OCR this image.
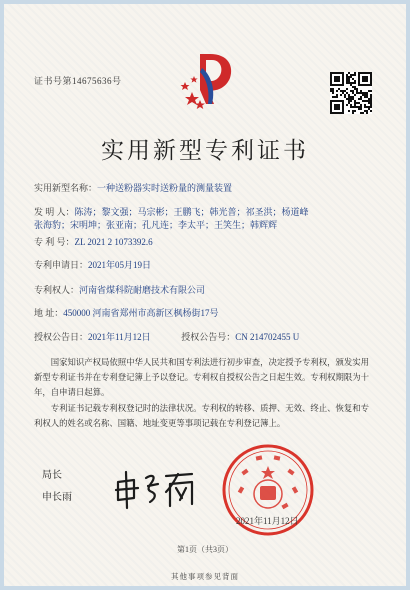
证书号第14675636号
实用新型专利证书
实用新型名称：一种送粉器实时送粉量的测量装置
发 明 人：陈涛；黎文强；马宗彬；王鹏飞；韩光普；祁圣洪；杨道峰
张海豹；宋明坤；张亚南；孔凡连；李太平；王笑生；韩辉辉
专 利 号：ZL 2021 2 1073392.6
专利申请日：2021年05月19日
专利权人：河南省煤科院耐磨技术有限公司
地 址：450000 河南省郑州市高新区枫杨街17号
授权公告日：2021年11月12日	授权公告号：CN 214702455 U
国家知识产权局依照中华人民共和国专利法进行初步审查，决定授予专利权，颁发实用新型专利证书并在专利登记簿上予以登记。专利权自授权公告之日起生效。专利权期限为十年，自申请日起算。
专利证书记载专利权登记时的法律状况。专利权的转移、质押、无效、终止、恢复和专利权人的姓名或名称、国籍、地址变更等事项记载在专利登记簿上。
局长
申长雨
2021年11月12日
第1页（共3页）
其他事项参见背面
